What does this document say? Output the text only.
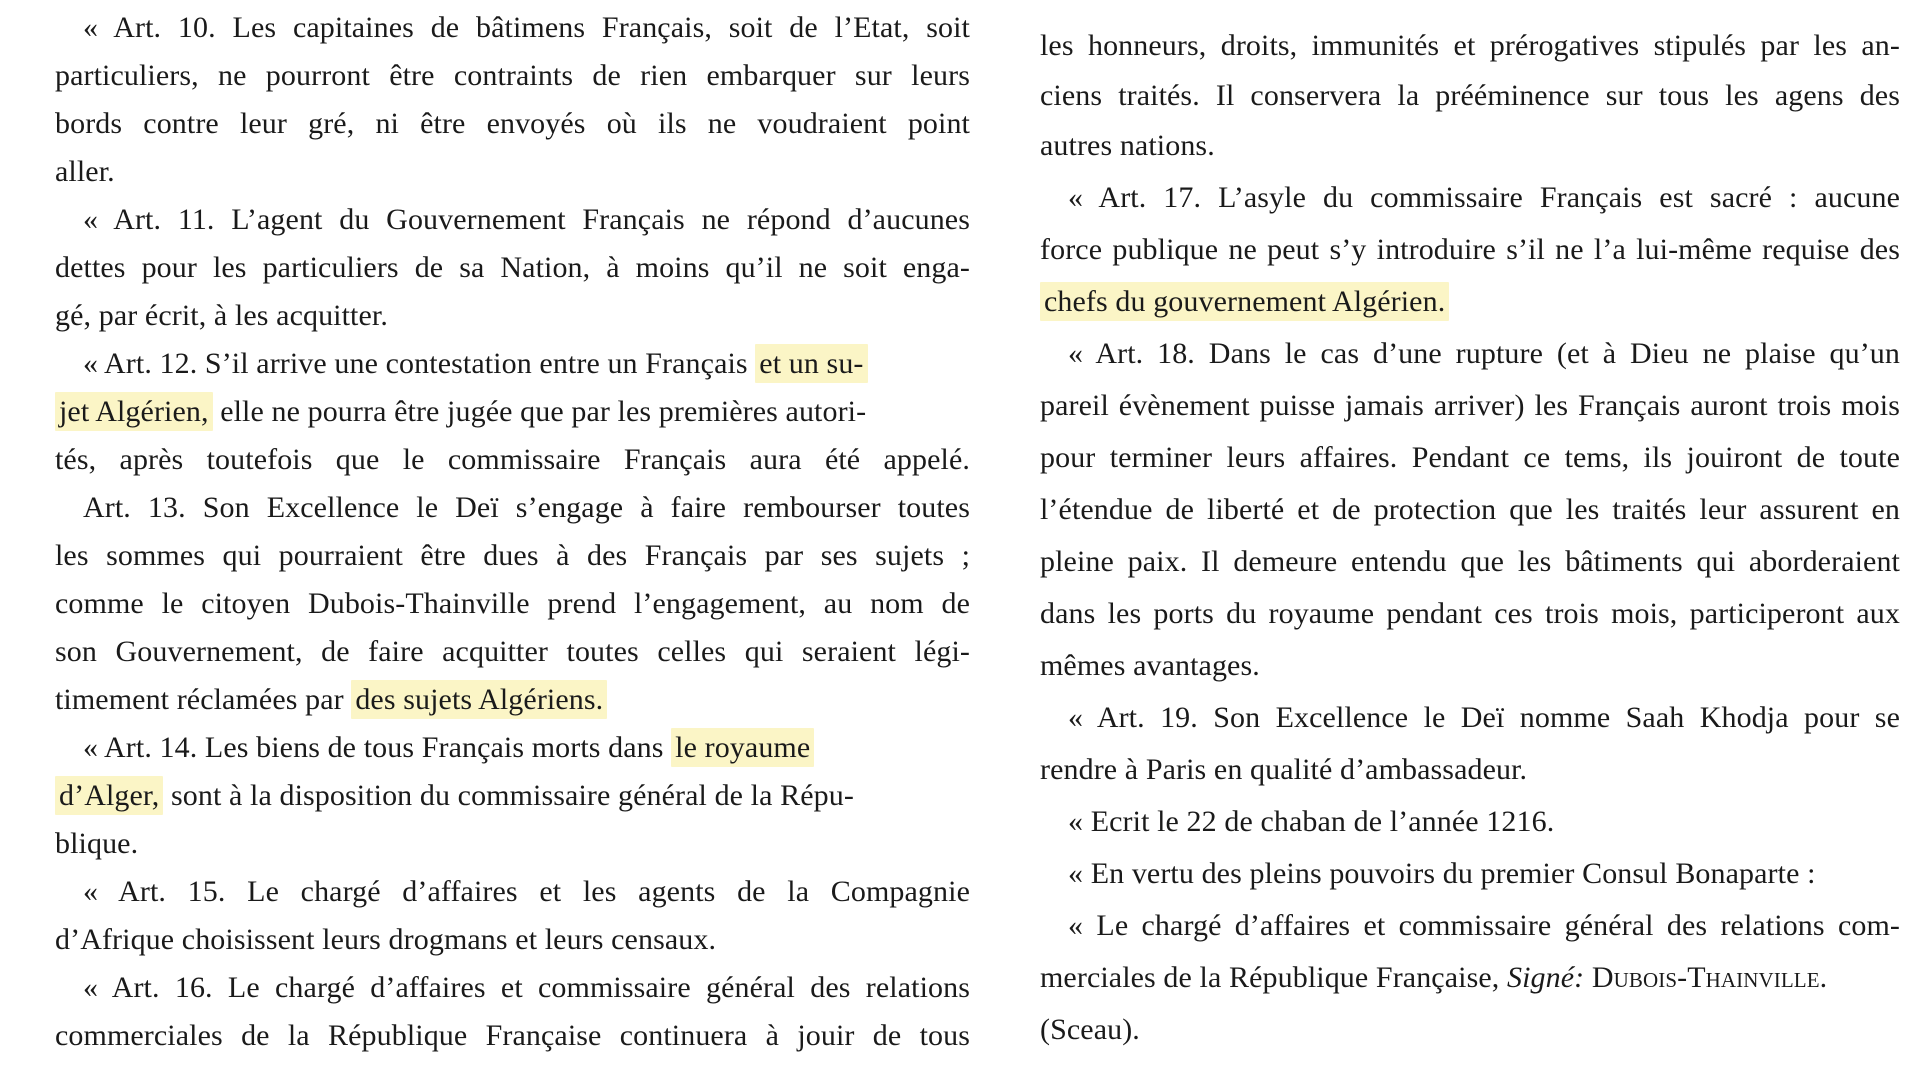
« Art. 10. Les capitaines de bâtimens Français, soit de l’Etat, soit
particuliers, ne pourront être contraints de rien embarquer sur leurs
bords contre leur gré, ni être envoyés où ils ne voudraient point
aller.
« Art. 11. L’agent du Gouvernement Français ne répond d’aucunes
dettes pour les particuliers de sa Nation, à moins qu’il ne soit enga-
gé, par écrit, à les acquitter.
« Art. 12. S’il arrive une contestation entre un Français et un su-
jet Algérien, elle ne pourra être jugée que par les premières autori-
tés, après toutefois que le commissaire Français aura été appelé.
Art. 13. Son Excellence le Deï s’engage à faire rembourser toutes
les sommes qui pourraient être dues à des Français par ses sujets ;
comme le citoyen Dubois-Thainville prend l’engagement, au nom de
son Gouvernement, de faire acquitter toutes celles qui seraient légi-
timement réclamées par des sujets Algériens.
« Art. 14. Les biens de tous Français morts dans le royaume
d’Alger, sont à la disposition du commissaire général de la Répu-
blique.
« Art. 15. Le chargé d’affaires et les agents de la Compagnie
d’Afrique choisissent leurs drogmans et leurs censaux.
« Art. 16. Le chargé d’affaires et commissaire général des relations
commerciales de la République Française continuera à jouir de tous
les honneurs, droits, immunités et prérogatives stipulés par les an-
ciens traités. Il conservera la prééminence sur tous les agens des
autres nations.
« Art. 17. L’asyle du commissaire Français est sacré : aucune
force publique ne peut s’y introduire s’il ne l’a lui-même requise des
chefs du gouvernement Algérien.
« Art. 18. Dans le cas d’une rupture (et à Dieu ne plaise qu’un
pareil évènement puisse jamais arriver) les Français auront trois mois
pour terminer leurs affaires. Pendant ce tems, ils jouiront de toute
l’étendue de liberté et de protection que les traités leur assurent en
pleine paix. Il demeure entendu que les bâtiments qui aborderaient
dans les ports du royaume pendant ces trois mois, participeront aux
mêmes avantages.
« Art. 19. Son Excellence le Deï nomme Saah Khodja pour se
rendre à Paris en qualité d’ambassadeur.
« Ecrit le 22 de chaban de l’année 1216.
« En vertu des pleins pouvoirs du premier Consul Bonaparte :
« Le chargé d’affaires et commissaire général des relations com-
merciales de la République Française, Signé: Dubois-Thainville.
(Sceau).
